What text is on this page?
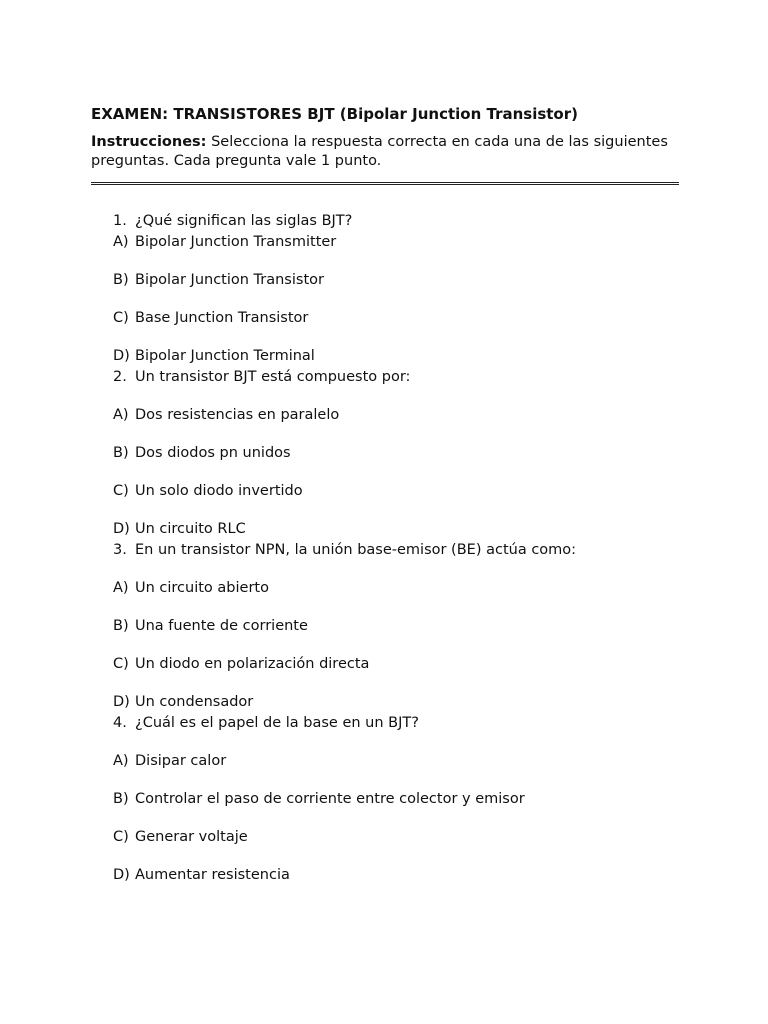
EXAMEN: TRANSISTORES BJT (Bipolar Junction Transistor)
Instrucciones: Selecciona la respuesta correcta en cada una de las siguientes preguntas. Cada pregunta vale 1 punto.
1. ¿Qué significan las siglas BJT?
A) Bipolar Junction Transmitter
B) Bipolar Junction Transistor
C) Base Junction Transistor
D) Bipolar Junction Terminal
2. Un transistor BJT está compuesto por:
A) Dos resistencias en paralelo
B) Dos diodos pn unidos
C) Un solo diodo invertido
D) Un circuito RLC
3. En un transistor NPN, la unión base-emisor (BE) actúa como:
A) Un circuito abierto
B) Una fuente de corriente
C) Un diodo en polarización directa
D) Un condensador
4. ¿Cuál es el papel de la base en un BJT?
A) Disipar calor
B) Controlar el paso de corriente entre colector y emisor
C) Generar voltaje
D) Aumentar resistencia
